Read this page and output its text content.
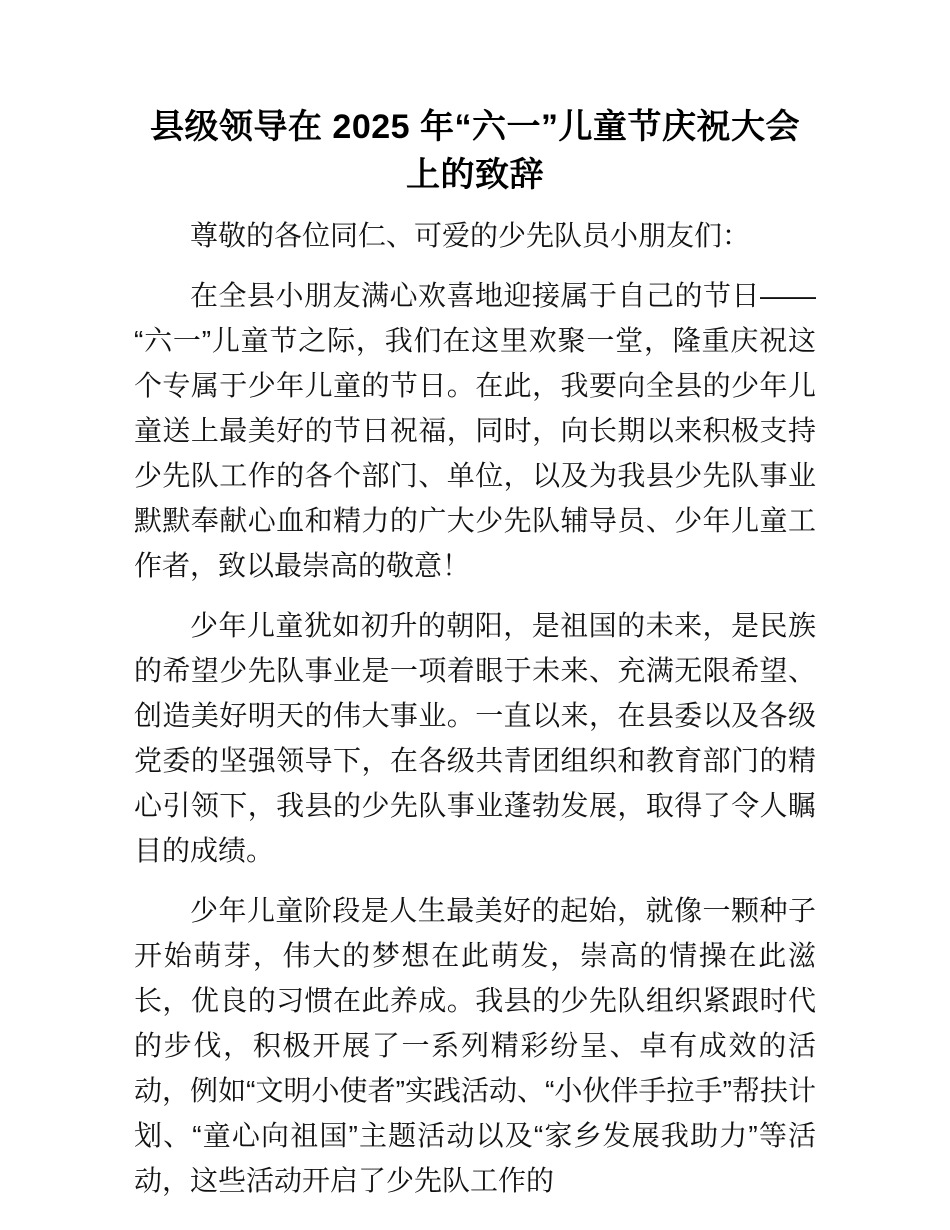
县级领导在 2025 年“六一”儿童节庆祝大会上的致辞

尊敬的各位同仁、可爱的少先队员小朋友们：

在全县小朋友满心欢喜地迎接属于自己的节日——“六一”儿童节之际，我们在这里欢聚一堂，隆重庆祝这个专属于少年儿童的节日。在此，我要向全县的少年儿童送上最美好的节日祝福，同时，向长期以来积极支持少先队工作的各个部门、单位，以及为我县少先队事业默默奉献心血和精力的广大少先队辅导员、少年儿童工作者，致以最崇高的敬意！

少年儿童犹如初升的朝阳，是祖国的未来，是民族的希望少先队事业是一项着眼于未来、充满无限希望、创造美好明天的伟大事业。一直以来，在县委以及各级党委的坚强领导下，在各级共青团组织和教育部门的精心引领下，我县的少先队事业蓬勃发展，取得了令人瞩目的成绩。

少年儿童阶段是人生最美好的起始，就像一颗种子开始萌芽，伟大的梦想在此萌发，崇高的情操在此滋长，优良的习惯在此养成。我县的少先队组织紧跟时代的步伐，积极开展了一系列精彩纷呈、卓有成效的活动，例如“文明小使者”实践活动、“小伙伴手拉手”帮扶计划、“童心向祖国”主题活动以及“家乡发展我助力”等活动，这些活动开启了少先队工作的
